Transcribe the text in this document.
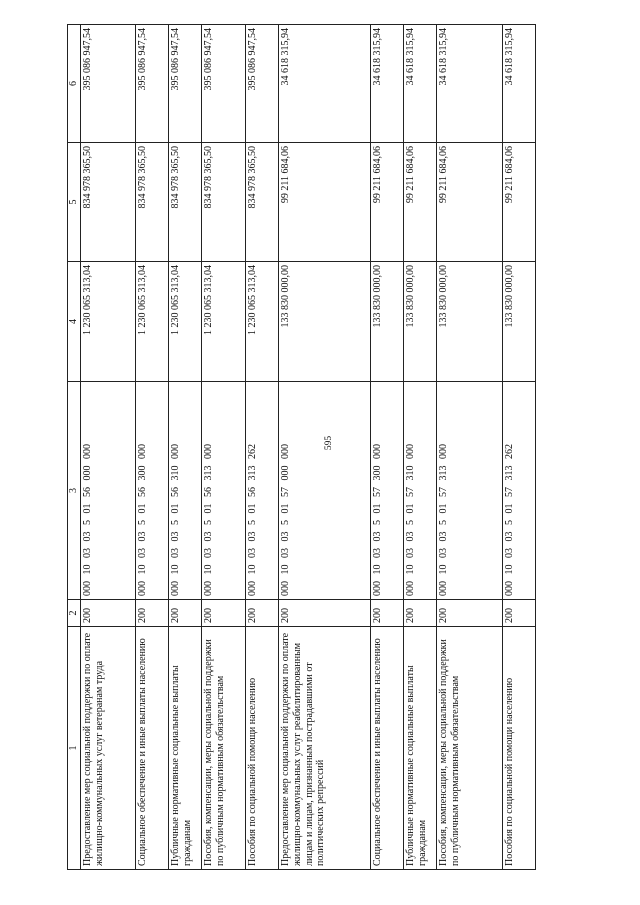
595
1	2	3	4	5	6
Предоставление мер социальной поддержки по оплате жилищно-коммунальных услуг ветеранам труда	200	000 10 03 03 5 01 56 000 000	1 230 065 313,04	834 978 365,50	395 086 947,54
Социальное обеспечение и иные выплаты населению	200	000 10 03 03 5 01 56 300 000	1 230 065 313,04	834 978 365,50	395 086 947,54
Публичные нормативные социальные выплаты гражданам	200	000 10 03 03 5 01 56 310 000	1 230 065 313,04	834 978 365,50	395 086 947,54
Пособия, компенсации, меры социальной поддержки по публичным нормативным обязательствам	200	000 10 03 03 5 01 56 313 000	1 230 065 313,04	834 978 365,50	395 086 947,54
Пособия по социальной помощи населению	200	000 10 03 03 5 01 56 313 262	1 230 065 313,04	834 978 365,50	395 086 947,54
Предоставление мер социальной поддержки по оплате жилищно-коммунальных услуг реабилитированным лицам и лицам, признанным пострадавшими от политических репрессий	200	000 10 03 03 5 01 57 000 000	133 830 000,00	99 211 684,06	34 618 315,94
Социальное обеспечение и иные выплаты населению	200	000 10 03 03 5 01 57 300 000	133 830 000,00	99 211 684,06	34 618 315,94
Публичные нормативные социальные выплаты гражданам	200	000 10 03 03 5 01 57 310 000	133 830 000,00	99 211 684,06	34 618 315,94
Пособия, компенсации, меры социальной поддержки по публичным нормативным обязательствам	200	000 10 03 03 5 01 57 313 000	133 830 000,00	99 211 684,06	34 618 315,94
Пособия по социальной помощи населению	200	000 10 03 03 5 01 57 313 262	133 830 000,00	99 211 684,06	34 618 315,94
